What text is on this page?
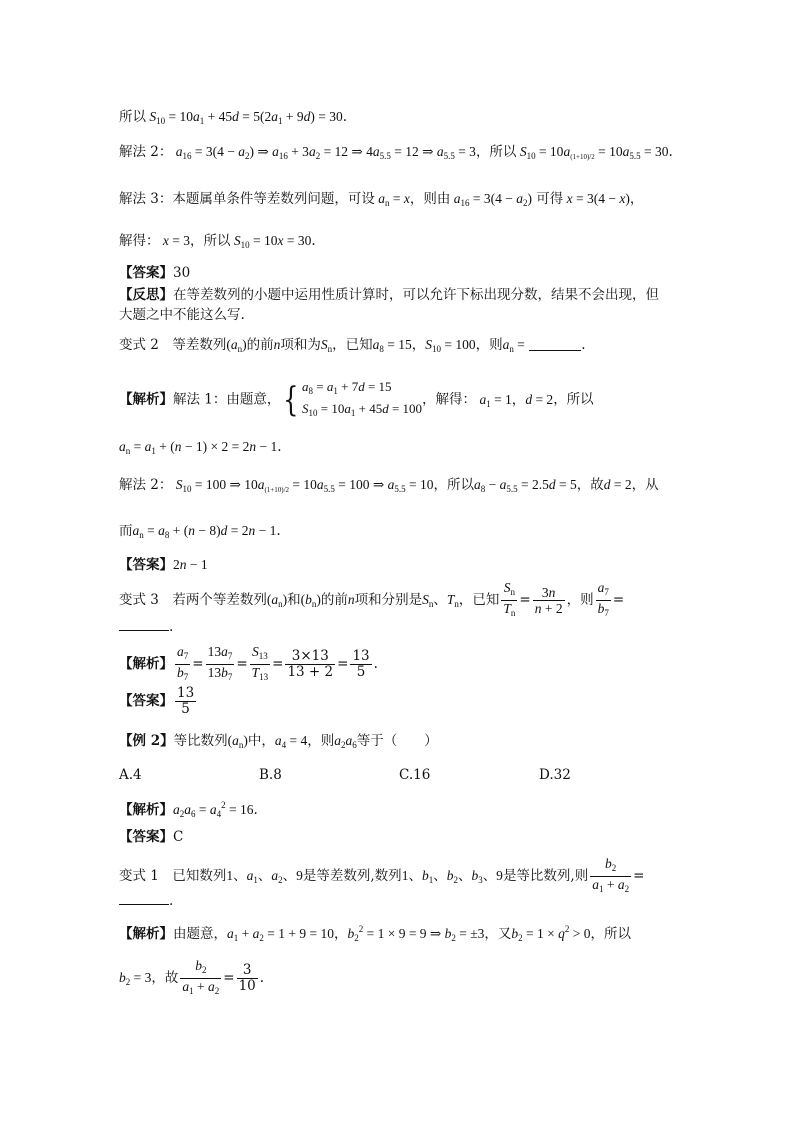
所以 $S_{10} = 10a_1 + 45d = 5(2a_1 + 9d) = 30$.
解法 2： $a_{16} = 3(4 - a_2)$ ⇒ $a_{16} + 3a_2 = 12$ ⇒ $4a_{5.5} = 12$ ⇒ $a_{5.5} = 3$，所以 $S_{10} = 10a_{(1+10)/2} = 10a_{5.5} = 30$.
解法 3：本题属单条件等差数列问题，可设 $a_n = x$，则由 $a_{16} = 3(4 - a_2)$ 可得 x = 3(4 − x)，
解得： x = 3，所以 $S_{10} = 10x = 30$.
【答案】30
【反思】在等差数列的小题中运用性质计算时，可以允许下标出现分数，结果不会出现，但
大题之中不能这么写.
变式 2　等差数列$(a_n)$的前n项和为$S_n$，已知$a_8 = 15$，$S_{10} = 100$，则$a_n$ =	.
【解析】解法 1：由题意，{ $a_8 = a_1 + 7d = 15$
$S_{10} = 10a_1 + 45d = 100$
，解得： $a_1 = 1$，d = 2，所以
$a_n = a_1 + (n - 1) \times 2 = 2n - 1$.
解法 2： $S_{10} = 100$ ⇒ $10a_{(1+10)/2} = 10a_{5.5} = 100$ ⇒ $a_{5.5} = 10$，所以$a_8 - a_{5.5} = 2.5d = 5$，故d = 2，从
而$a_n = a_8 + (n - 8)d = 2n - 1$.
【答案】2n − 1
变式 3　若两个等差数列$(a_n)$和$(b_n)$的前n项和分别是$S_n$、$T_n$，已知 $\frac{S_n}{T_n} = \frac{3n}{n + 2}$ ，则 $\frac{a_7}{b_7}$ =
.
【解析】 $\frac{a_7}{b_7} = \frac{13a_7}{13b_7} = \frac{S_{13}}{T_{13}} = \frac{3\times 13}{13 + 2} = \frac{13}{5}$ .
【答案】 $\frac{13}{5}$
【例 2】等比数列$(a_n)$中，$a_4 = 4$，则$a_2a_6$等于（　　）
A.4	B.8	C.16	D.32
【解析】$a_2a_6 = a_4^2 = 16$.
【答案】C
变式 1　已知数列1、$a_1$、$a_2$、9是等差数列,数列1、$b_1$、$b_2$、$b_3$、9是等比数列,则 $\frac{b_2}{a_1 + a_2}$ =
.
【解析】由题意，$a_1 + a_2 = 1 + 9 = 10$，$b_2^2 = 1 \times 9 = 9$ ⇒ $b_2 = \pm 3$，又$b_2 = 1 \times q^2 > 0$，所以
$b_2 = 3$，故 $\frac{b_2}{a_1 + a_2} = \frac{3}{10}$ .
